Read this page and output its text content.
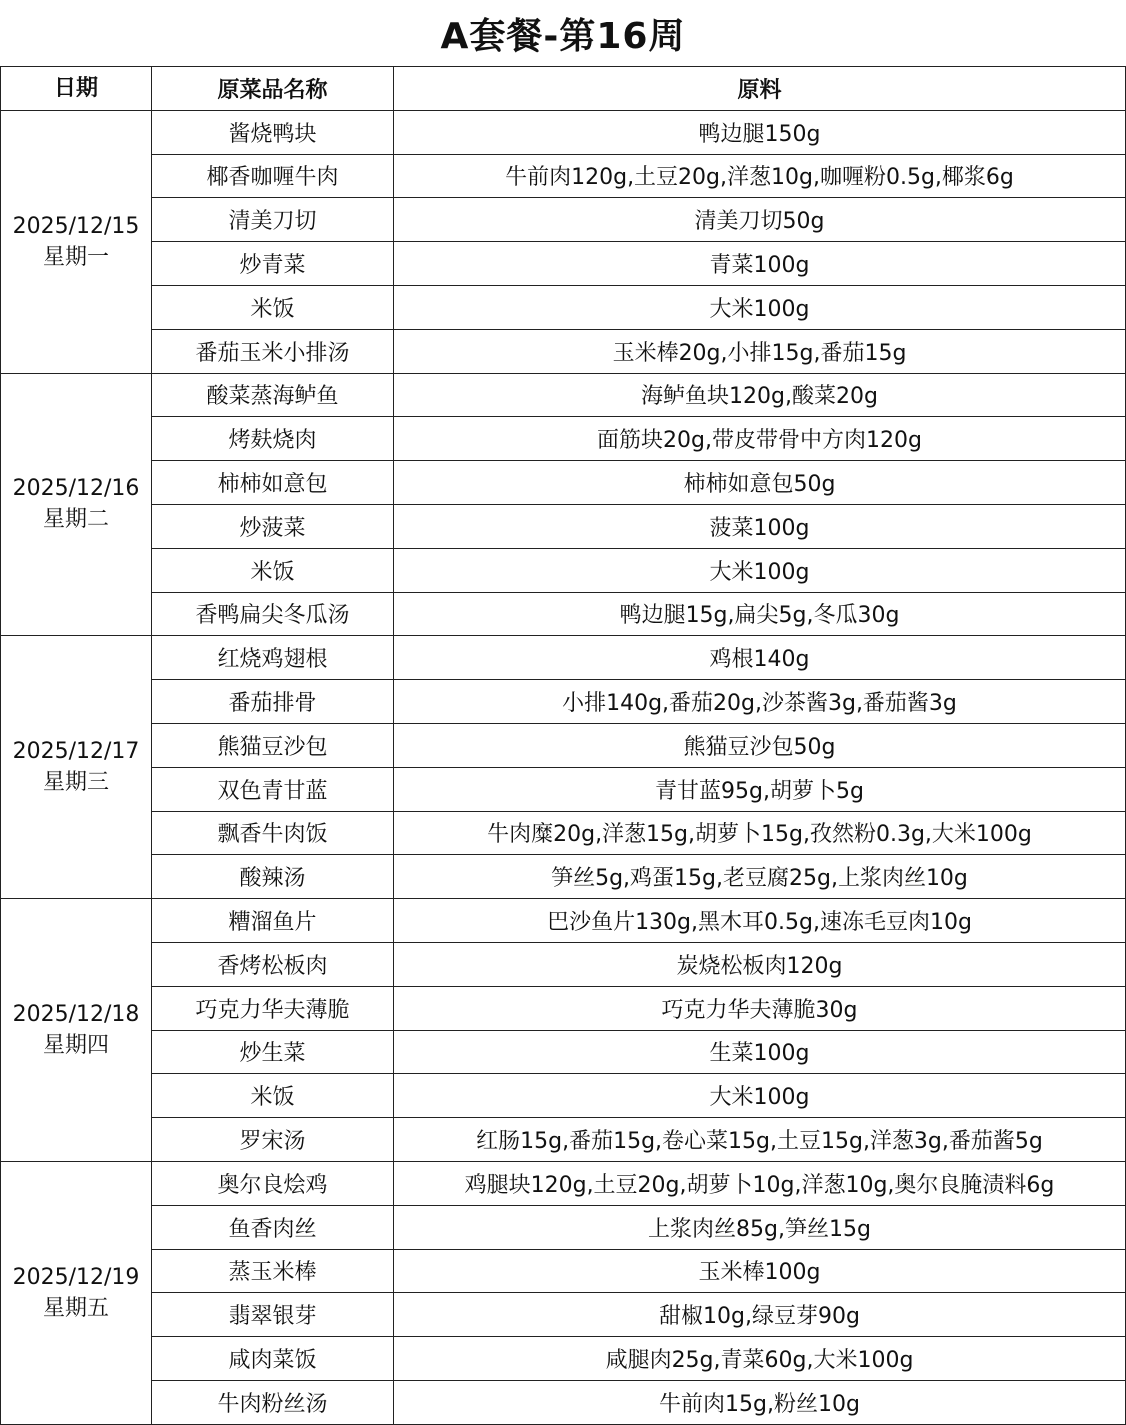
A套餐-第16周
日期	原菜品名称	原料

2025/12/15
星期一	酱烧鸭块	鸭边腿150g
	椰香咖喱牛肉	牛前肉120g,土豆20g,洋葱10g,咖喱粉0.5g,椰浆6g
	清美刀切	清美刀切50g
	炒青菜	青菜100g
	米饭	大米100g
	番茄玉米小排汤	玉米棒20g,小排15g,番茄15g

2025/12/16
星期二	酸菜蒸海鲈鱼	海鲈鱼块120g,酸菜20g
	烤麸烧肉	面筋块20g,带皮带骨中方肉120g
	柿柿如意包	柿柿如意包50g
	炒菠菜	菠菜100g
	米饭	大米100g
	香鸭扁尖冬瓜汤	鸭边腿15g,扁尖5g,冬瓜30g

2025/12/17
星期三	红烧鸡翅根	鸡根140g
	番茄排骨	小排140g,番茄20g,沙茶酱3g,番茄酱3g
	熊猫豆沙包	熊猫豆沙包50g
	双色青甘蓝	青甘蓝95g,胡萝卜5g
	飘香牛肉饭	牛肉糜20g,洋葱15g,胡萝卜15g,孜然粉0.3g,大米100g
	酸辣汤	笋丝5g,鸡蛋15g,老豆腐25g,上浆肉丝10g

2025/12/18
星期四	糟溜鱼片	巴沙鱼片130g,黑木耳0.5g,速冻毛豆肉10g
	香烤松板肉	炭烧松板肉120g
	巧克力华夫薄脆	巧克力华夫薄脆30g
	炒生菜	生菜100g
	米饭	大米100g
	罗宋汤	红肠15g,番茄15g,卷心菜15g,土豆15g,洋葱3g,番茄酱5g

2025/12/19
星期五	奥尔良烩鸡	鸡腿块120g,土豆20g,胡萝卜10g,洋葱10g,奥尔良腌渍料6g
	鱼香肉丝	上浆肉丝85g,笋丝15g
	蒸玉米棒	玉米棒100g
	翡翠银芽	甜椒10g,绿豆芽90g
	咸肉菜饭	咸腿肉25g,青菜60g,大米100g
	牛肉粉丝汤	牛前肉15g,粉丝10g
